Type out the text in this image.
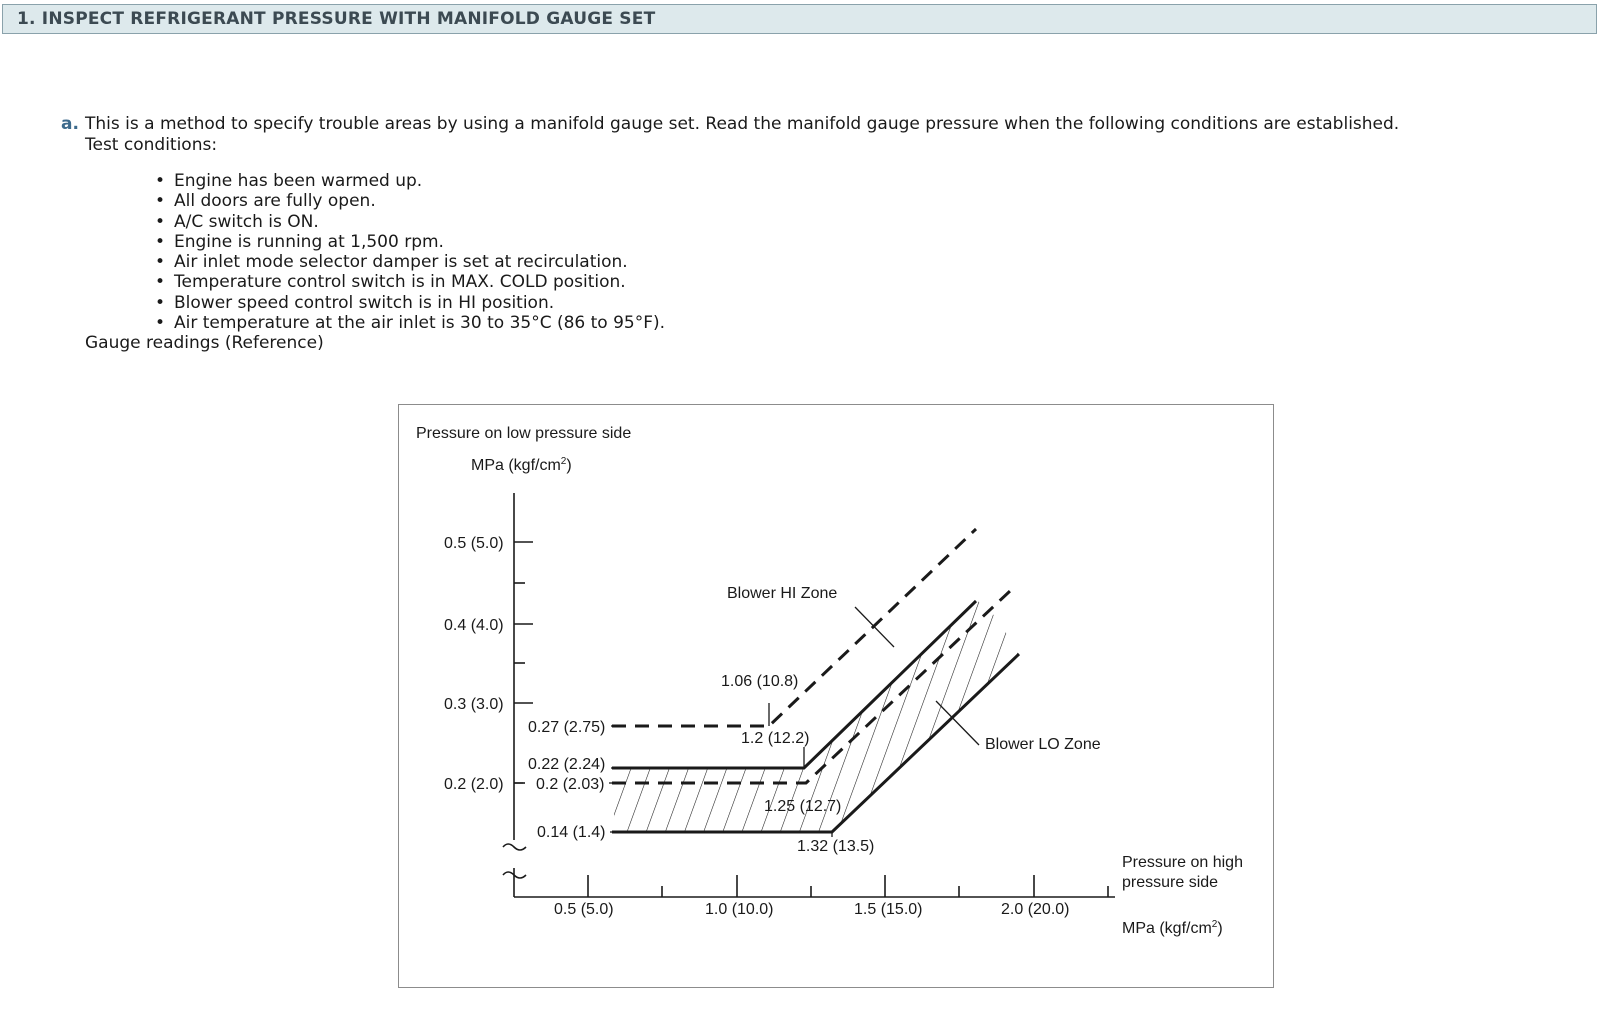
1. INSPECT REFRIGERANT PRESSURE WITH MANIFOLD GAUGE SET
a. This is a method to specify trouble areas by using a manifold gauge set. Read the manifold gauge pressure when the following conditions are established.
Test conditions:
• Engine has been warmed up.
• All doors are fully open.
• A/C switch is ON.
• Engine is running at 1,500 rpm.
• Air inlet mode selector damper is set at recirculation.
• Temperature control switch is in MAX. COLD position.
• Blower speed control switch is in HI position.
• Air temperature at the air inlet is 30 to 35°C (86 to 95°F).
Gauge readings (Reference)
Pressure on low pressure side
MPa $(kgf/cm^2)$
0.5 (5.0)
0.4 (4.0)
0.3 (3.0)
0.2 (2.0)
0.5 (5.0)	1.0 (10.0)	1.5 (15.0)	2.0 (20.0)
Pressure on high
pressure side
MPa $(kgf/cm^2)$
Blower HI Zone
Blower LO Zone
0.27 (2.75)
1.06 (10.8)
0.22 (2.24)
0.2 (2.03)
0.14 (1.4)
1.2 (12.2)
1.25 (12.7)
1.32 (13.5)
